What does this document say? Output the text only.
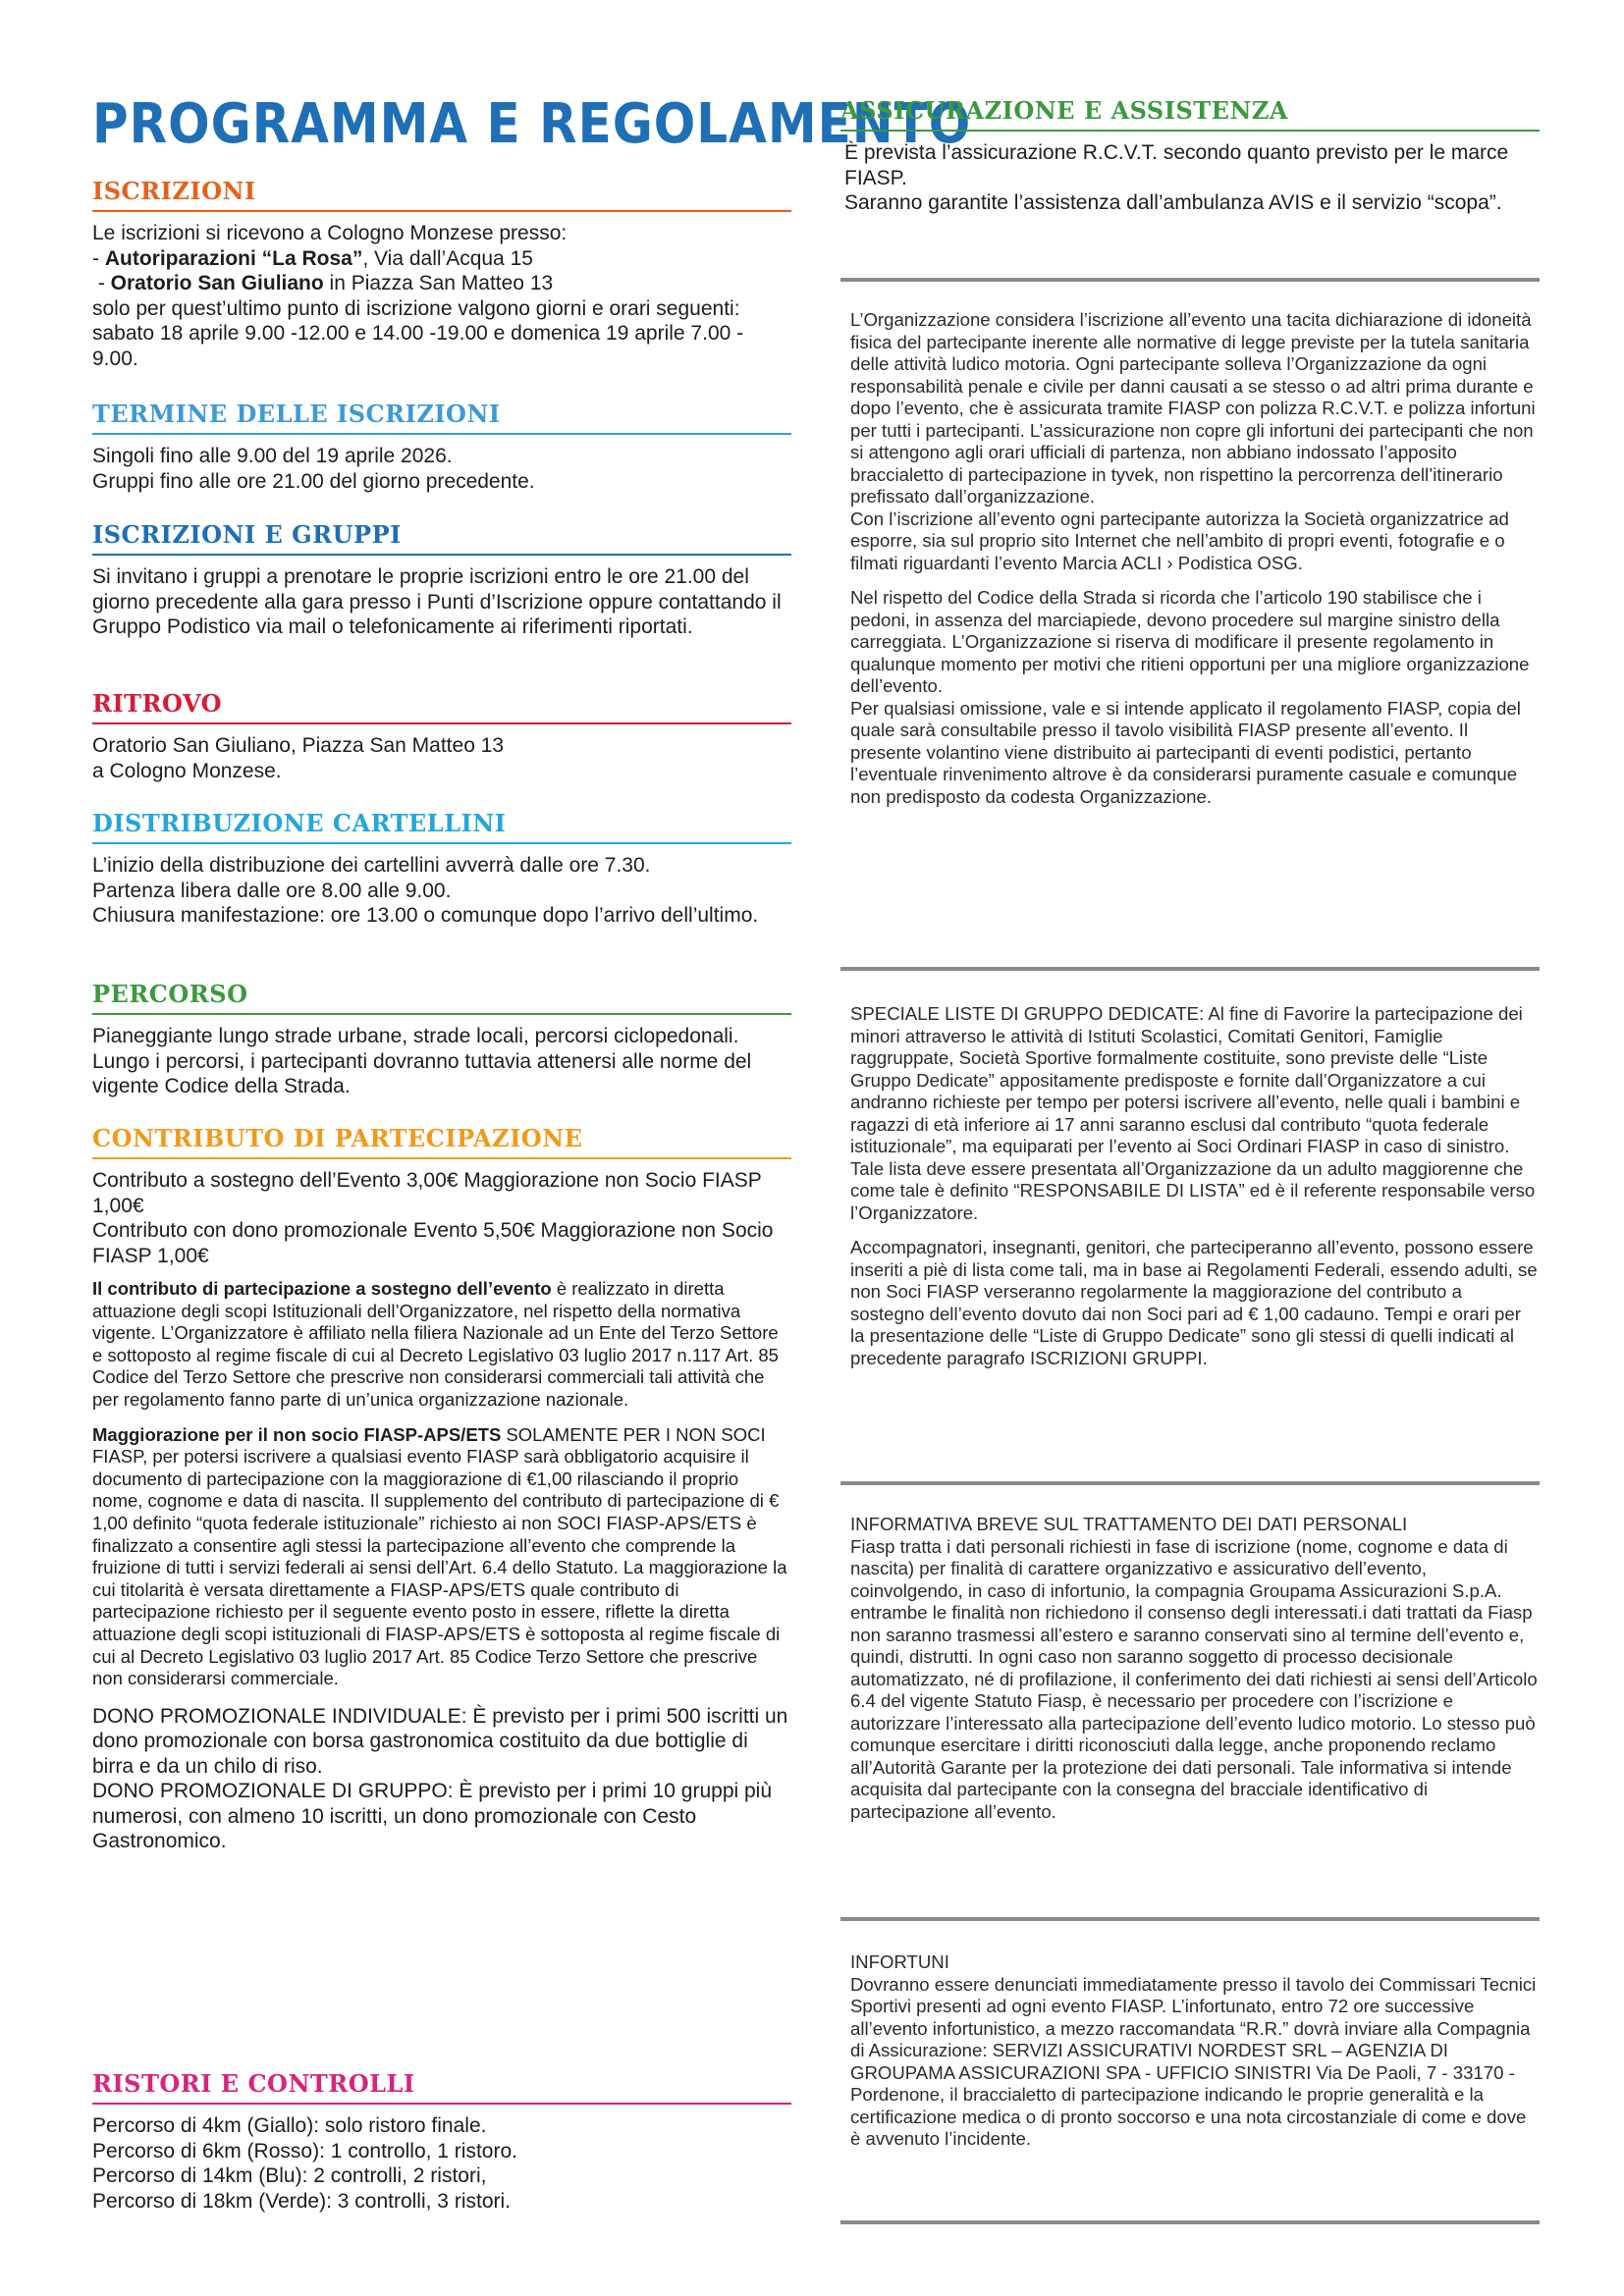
PROGRAMMA E REGOLAMENTO
ISCRIZIONI

Le iscrizioni si ricevono a Cologno Monzese presso:

- Autoriparazioni “La Rosa”, Via dall’Acqua 15

- Oratorio San Giuliano in Piazza San Matteo 13

solo per quest’ultimo punto di iscrizione valgono giorni e orari seguenti: sabato 18 aprile 9.00 -12.00 e 14.00 -19.00 e domenica 19 aprile 7.00 - 9.00.

TERMINE DELLE ISCRIZIONI

Singoli fino alle 9.00 del 19 aprile 2026.

Gruppi fino alle ore 21.00 del giorno precedente.

ISCRIZIONI E GRUPPI
Si invitano i gruppi a prenotare le proprie iscrizioni entro le ore 21.00 del giorno precedente alla gara presso i Punti d’Iscrizione oppure contattando il Gruppo Podistico via mail o telefonicamente ai riferimenti riportati.
RITROVO

Oratorio San Giuliano, Piazza San Matteo 13

a Cologno Monzese.

DISTRIBUZIONE CARTELLINI

L’inizio della distribuzione dei cartellini avverrà dalle ore 7.30.

Partenza libera dalle ore 8.00 alle 9.00.

Chiusura manifestazione: ore 13.00 o comunque dopo l’arrivo dell’ultimo.

PERCORSO
Pianeggiante lungo strade urbane, strade locali, percorsi ciclopedonali. Lungo i percorsi, i partecipanti dovranno tuttavia attenersi alle norme del vigente Codice della Strada.
CONTRIBUTO DI PARTECIPAZIONE

Contributo a sostegno dell’Evento 3,00€ Maggiorazione non Socio FIASP 1,00€

Contributo con dono promozionale Evento 5,50€ Maggiorazione non Socio FIASP 1,00€

Il contributo di partecipazione a sostegno dell’evento è realizzato in diretta attuazione degli scopi Istituzionali dell’Organizzatore, nel rispetto della normativa vigente. L’Organizzatore è affiliato nella filiera Nazionale ad un Ente del Terzo Settore e sottoposto al regime fiscale di cui al Decreto Legislativo 03 luglio 2017 n.117 Art. 85 Codice del Terzo Settore che prescrive non considerarsi commerciali tali attività che per regolamento fanno parte di un’unica organizzazione nazionale.

Maggiorazione per il non socio FIASP-APS/ETS SOLAMENTE PER I NON SOCI FIASP, per potersi iscrivere a qualsiasi evento FIASP sarà obbligatorio acquisire il documento di partecipazione con la maggiorazione di €1,00 rilasciando il proprio nome, cognome e data di nascita. Il supplemento del contributo di partecipazione di € 1,00 definito “quota federale istituzionale” richiesto ai non SOCI FIASP-APS/ETS è finalizzato a consentire agli stessi la partecipazione all’evento che comprende la fruizione di tutti i servizi federali ai sensi dell’Art. 6.4 dello Statuto. La maggiorazione la cui titolarità è versata direttamente a FIASP-APS/ETS quale contributo di partecipazione richiesto per il seguente evento posto in essere, riflette la diretta attuazione degli scopi istituzionali di FIASP-APS/ETS è sottoposta al regime fiscale di cui al Decreto Legislativo 03 luglio 2017 Art. 85 Codice Terzo Settore che prescrive non considerarsi commerciale.

DONO PROMOZIONALE INDIVIDUALE: È previsto per i primi 500 iscritti un dono promozionale con borsa gastronomica costituito da due bottiglie di birra e da un chilo di riso.

DONO PROMOZIONALE DI GRUPPO: È previsto per i primi 10 gruppi più numerosi, con almeno 10 iscritti, un dono promozionale con Cesto Gastronomico.

RISTORI E CONTROLLI

Percorso di 4km (Giallo): solo ristoro finale.

Percorso di 6km (Rosso): 1 controllo, 1 ristoro.

Percorso di 14km (Blu): 2 controlli, 2 ristori,

Percorso di 18km (Verde): 3 controlli, 3 ristori.

ASSICURAZIONE E ASSISTENZA

È prevista l’assicurazione R.C.V.T. secondo quanto previsto per le marce FIASP.

Saranno garantite l’assistenza dall’ambulanza AVIS e il servizio “scopa”.

L’Organizzazione considera l’iscrizione all’evento una tacita dichiarazione di idoneità fisica del partecipante inerente alle normative di legge previste per la tutela sanitaria delle attività ludico motoria. Ogni partecipante solleva l’Organizzazione da ogni responsabilità penale e civile per danni causati a se stesso o ad altri prima durante e dopo l’evento, che è assicurata tramite FIASP con polizza R.C.V.T. e polizza infortuni per tutti i partecipanti. L’assicurazione non copre gli infortuni dei partecipanti che non si attengono agli orari ufficiali di partenza, non abbiano indossato l’apposito braccialetto di partecipazione in tyvek, non rispettino la percorrenza dell’itinerario prefissato dall’organizzazione.

Con l’iscrizione all’evento ogni partecipante autorizza la Società organizzatrice ad esporre, sia sul proprio sito Internet che nell’ambito di propri eventi, fotografie e o filmati riguardanti l’evento Marcia ACLI › Podistica OSG.

Nel rispetto del Codice della Strada si ricorda che l’articolo 190 stabilisce che i pedoni, in assenza del marciapiede, devono procedere sul margine sinistro della carreggiata. L’Organizzazione si riserva di modificare il presente regolamento in qualunque momento per motivi che ritieni opportuni per una migliore organizzazione dell’evento.

Per qualsiasi omissione, vale e si intende applicato il regolamento FIASP, copia del quale sarà consultabile presso il tavolo visibilità FIASP presente all’evento. Il presente volantino viene distribuito ai partecipanti di eventi podistici, pertanto l’eventuale rinvenimento altrove è da considerarsi puramente casuale e comunque non predisposto da codesta Organizzazione.

SPECIALE LISTE DI GRUPPO DEDICATE: Al fine di Favorire la partecipazione dei minori attraverso le attività di Istituti Scolastici, Comitati Genitori, Famiglie raggruppate, Società Sportive formalmente costituite, sono previste delle “Liste Gruppo Dedicate” appositamente predisposte e fornite dall’Organizzatore a cui andranno richieste per tempo per potersi iscrivere all’evento, nelle quali i bambini e ragazzi di età inferiore ai 17 anni saranno esclusi dal contributo “quota federale istituzionale”, ma equiparati per l’evento ai Soci Ordinari FIASP in caso di sinistro. Tale lista deve essere presentata all’Organizzazione da un adulto maggiorenne che come tale è definito “RESPONSABILE DI LISTA” ed è il referente responsabile verso l’Organizzatore.

Accompagnatori, insegnanti, genitori, che parteciperanno all’evento, possono essere inseriti a piè di lista come tali, ma in base ai Regolamenti Federali, essendo adulti, se non Soci FIASP verseranno regolarmente la maggiorazione del contributo a sostegno dell’evento dovuto dai non Soci pari ad € 1,00 cadauno. Tempi e orari per la presentazione delle “Liste di Gruppo Dedicate” sono gli stessi di quelli indicati al precedente paragrafo ISCRIZIONI GRUPPI.

INFORMATIVA BREVE SUL TRATTAMENTO DEI DATI PERSONALI

Fiasp tratta i dati personali richiesti in fase di iscrizione (nome, cognome e data di nascita) per finalità di carattere organizzativo e assicurativo dell’evento, coinvolgendo, in caso di infortunio, la compagnia Groupama Assicurazioni S.p.A. entrambe le finalità non richiedono il consenso degli interessati.i dati trattati da Fiasp non saranno trasmessi all’estero e saranno conservati sino al termine dell’evento e, quindi, distrutti. In ogni caso non saranno soggetto di processo decisionale automatizzato, né di profilazione, il conferimento dei dati richiesti ai sensi dell’Articolo 6.4 del vigente Statuto Fiasp, è necessario per procedere con l’iscrizione e autorizzare l’interessato alla partecipazione dell’evento ludico motorio. Lo stesso può comunque esercitare i diritti riconosciuti dalla legge, anche proponendo reclamo all’Autorità Garante per la protezione dei dati personali. Tale informativa si intende acquisita dal partecipante con la consegna del bracciale identificativo di partecipazione all’evento.

INFORTUNI

Dovranno essere denunciati immediatamente presso il tavolo dei Commissari Tecnici Sportivi presenti ad ogni evento FIASP. L’infortunato, entro 72 ore successive all’evento infortunistico, a mezzo raccomandata “R.R.” dovrà inviare alla Compagnia di Assicurazione: SERVIZI ASSICURATIVI NORDEST SRL – AGENZIA DI GROUPAMA ASSICURAZIONI SPA - UFFICIO SINISTRI Via De Paoli, 7 - 33170 - Pordenone, il braccialetto di partecipazione indicando le proprie generalità e la certificazione medica o di pronto soccorso e una nota circostanziale di come e dove è avvenuto l’incidente.
